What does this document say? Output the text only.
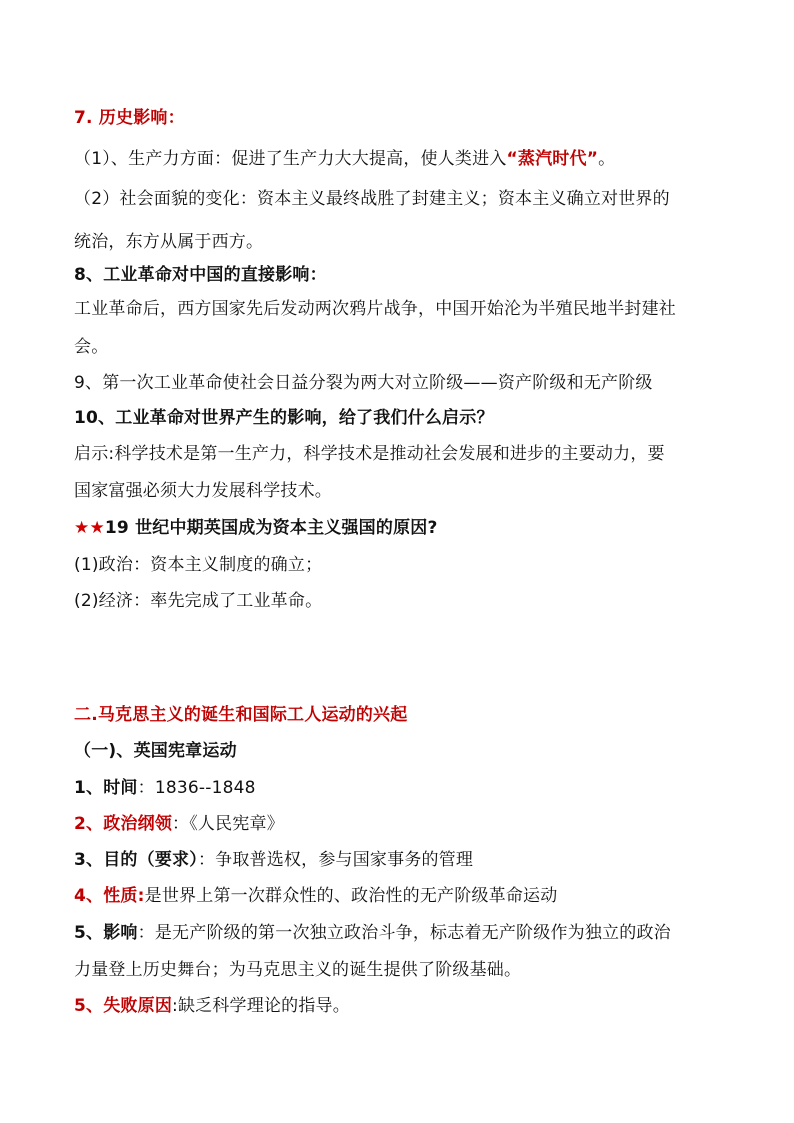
7. 历史影响：
（1）、生产力方面：促进了生产力大大提高，使人类进入“蒸汽时代”。
（2）社会面貌的变化：资本主义最终战胜了封建主义；资本主义确立对世界的
统治，东方从属于西方。
8、工业革命对中国的直接影响：
工业革命后，西方国家先后发动两次鸦片战争，中国开始沦为半殖民地半封建社
会。
9、第一次工业革命使社会日益分裂为两大对立阶级——资产阶级和无产阶级
10、工业革命对世界产生的影响，给了我们什么启示？
启示:科学技术是第一生产力，科学技术是推动社会发展和进步的主要动力，要
国家富强必须大力发展科学技术。
★★19 世纪中期英国成为资本主义强国的原因?
(1)政治：资本主义制度的确立；
(2)经济：率先完成了工业革命。
二.马克思主义的诞生和国际工人运动的兴起
（一)、英国宪章运动
1、时间：1836--1848
2、政治纲领：《人民宪章》
3、目的（要求）：争取普选权，参与国家事务的管理
4、性质:是世界上第一次群众性的、政治性的无产阶级革命运动
5、影响：是无产阶级的第一次独立政治斗争，标志着无产阶级作为独立的政治
力量登上历史舞台；为马克思主义的诞生提供了阶级基础。
5、失败原因:缺乏科学理论的指导。
